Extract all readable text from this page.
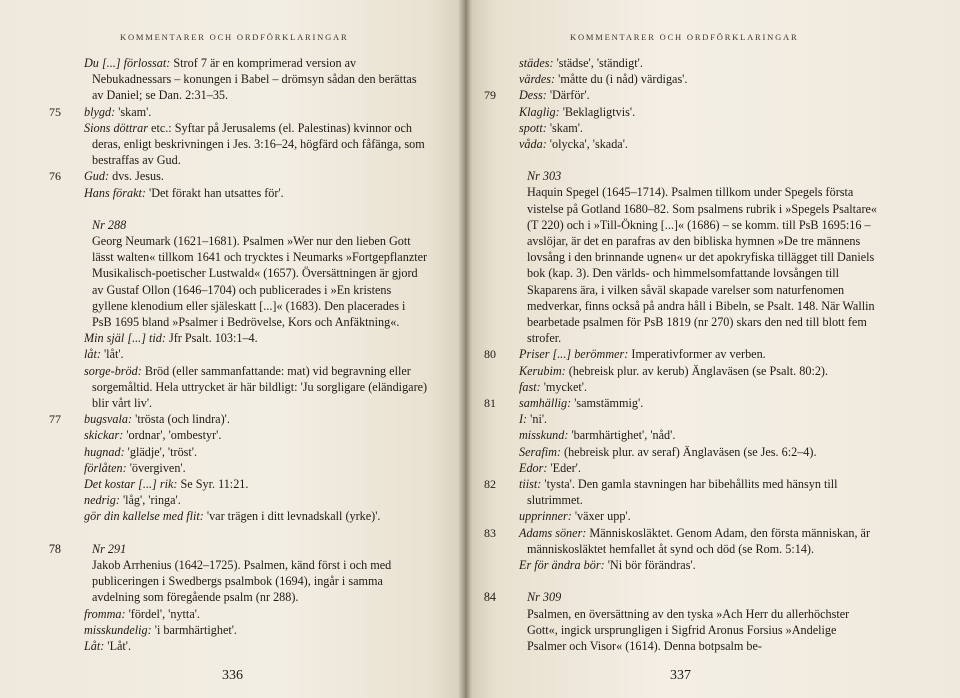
KOMMENTARER OCH ORDFÖRKLARINGAR

Du [...] förlossat: Strof 7 är en komprimerad version av Nebukadnessars – konungen i Babel – drömsyn sådan den berättas av Daniel; se Dan. 2:31–35.

75 blygd: 'skam'.

Sions döttrar etc.: Syftar på Jerusalems (el. Palestinas) kvinnor och deras, enligt beskrivningen i Jes. 3:16–24, högfärd och fåfänga, som bestraffas av Gud.

76 Gud: dvs. Jesus.

Hans förakt: 'Det förakt han utsattes för'.

Nr 288

Georg Neumark (1621–1681). Psalmen »Wer nur den lieben Gott lässt walten« tillkom 1641 och trycktes i Neumarks »Fortgepflanzter Musikalisch-poetischer Lustwald« (1657). Översättningen är gjord av Gustaf Ollon (1646–1704) och publicerades i »En kristens gyllene klenodium eller själeskatt [...]« (1683). Den placerades i PsB 1695 bland »Psalmer i Bedrövelse, Kors och Anfäktning«.

Min själ [...] tid: Jfr Psalt. 103:1–4.

låt: 'låt'.

sorge-bröd: Bröd (eller sammanfattande: mat) vid begravning eller sorgemåltid. Hela uttrycket är här bildligt: 'Ju sorgligare (eländigare) blir vårt liv'.

77 bugsvala: 'trösta (och lindra)'.

skickar: 'ordnar', 'ombestyr'.

hugnad: 'glädje', 'tröst'.

förlåten: 'övergiven'.

Det kostar [...] rik: Se Syr. 11:21.

nedrig: 'låg', 'ringa'.

gör din kallelse med flit: 'var trägen i ditt levnadskall (yrke)'.

78	Nr 291

Jakob Arrhenius (1642–1725). Psalmen, känd först i och med publiceringen i Swedbergs psalmbok (1694), ingår i samma avdelning som föregående psalm (nr 288).

fromma: 'fördel', 'nytta'.

misskundelig: 'i barmhärtighet'.

Låt: 'Låt'.

336
KOMMENTARER OCH ORDFÖRKLARINGAR

städes: 'städse', 'ständigt'.

värdes: 'måtte du (i nåd) värdigas'.

79 Dess: 'Därför'.

Klaglig: 'Beklagligtvis'.

spott: 'skam'.

våda: 'olycka', 'skada'.

Nr 303

Haquin Spegel (1645–1714). Psalmen tillkom under Spegels första vistelse på Gotland 1680–82. Som psalmens rubrik i »Spegels Psaltare« (T 220) och i »Till-Ökning [...]« (1686) – se komm. till PsB 1695:16 – avslöjar, är det en parafras av den bibliska hymnen »De tre männens lovsång i den brinnande ugnen« ur det apokryfiska tillägget till Daniels bok (kap. 3). Den världs- och himmelsomfattande lovsången till Skaparens ära, i vilken såväl skapade varelser som naturfenomen medverkar, finns också på andra håll i Bibeln, se Psalt. 148. När Wallin bearbetade psalmen för PsB 1819 (nr 270) skars den ned till blott fem strofer.

80 Priser [...] berömmer: Imperativformer av verben.

Kerubim: (hebreisk plur. av kerub) Änglaväsen (se Psalt. 80:2).

fast: 'mycket'.

81 samhällig: 'samstämmig'.

I: 'ni'.

misskund: 'barmhärtighet', 'nåd'.

Serafim: (hebreisk plur. av seraf) Änglaväsen (se Jes. 6:2–4).

Edor: 'Eder'.

82 tiist: 'tysta'. Den gamla stavningen har bibehållits med hänsyn till slutrimmet.

upprinner: 'växer upp'.

83 Adams söner: Människosläktet. Genom Adam, den första människan, är människosläktet hemfallet åt synd och död (se Rom. 5:14).

Er för ändra bör: 'Ni bör förändras'.

84	Nr 309

Psalmen, en översättning av den tyska »Ach Herr du allerhöchster Gott«, ingick ursprungligen i Sigfrid Aronus Forsius »Andelige Psalmer och Visor« (1614). Denna botpsalm be-

337
